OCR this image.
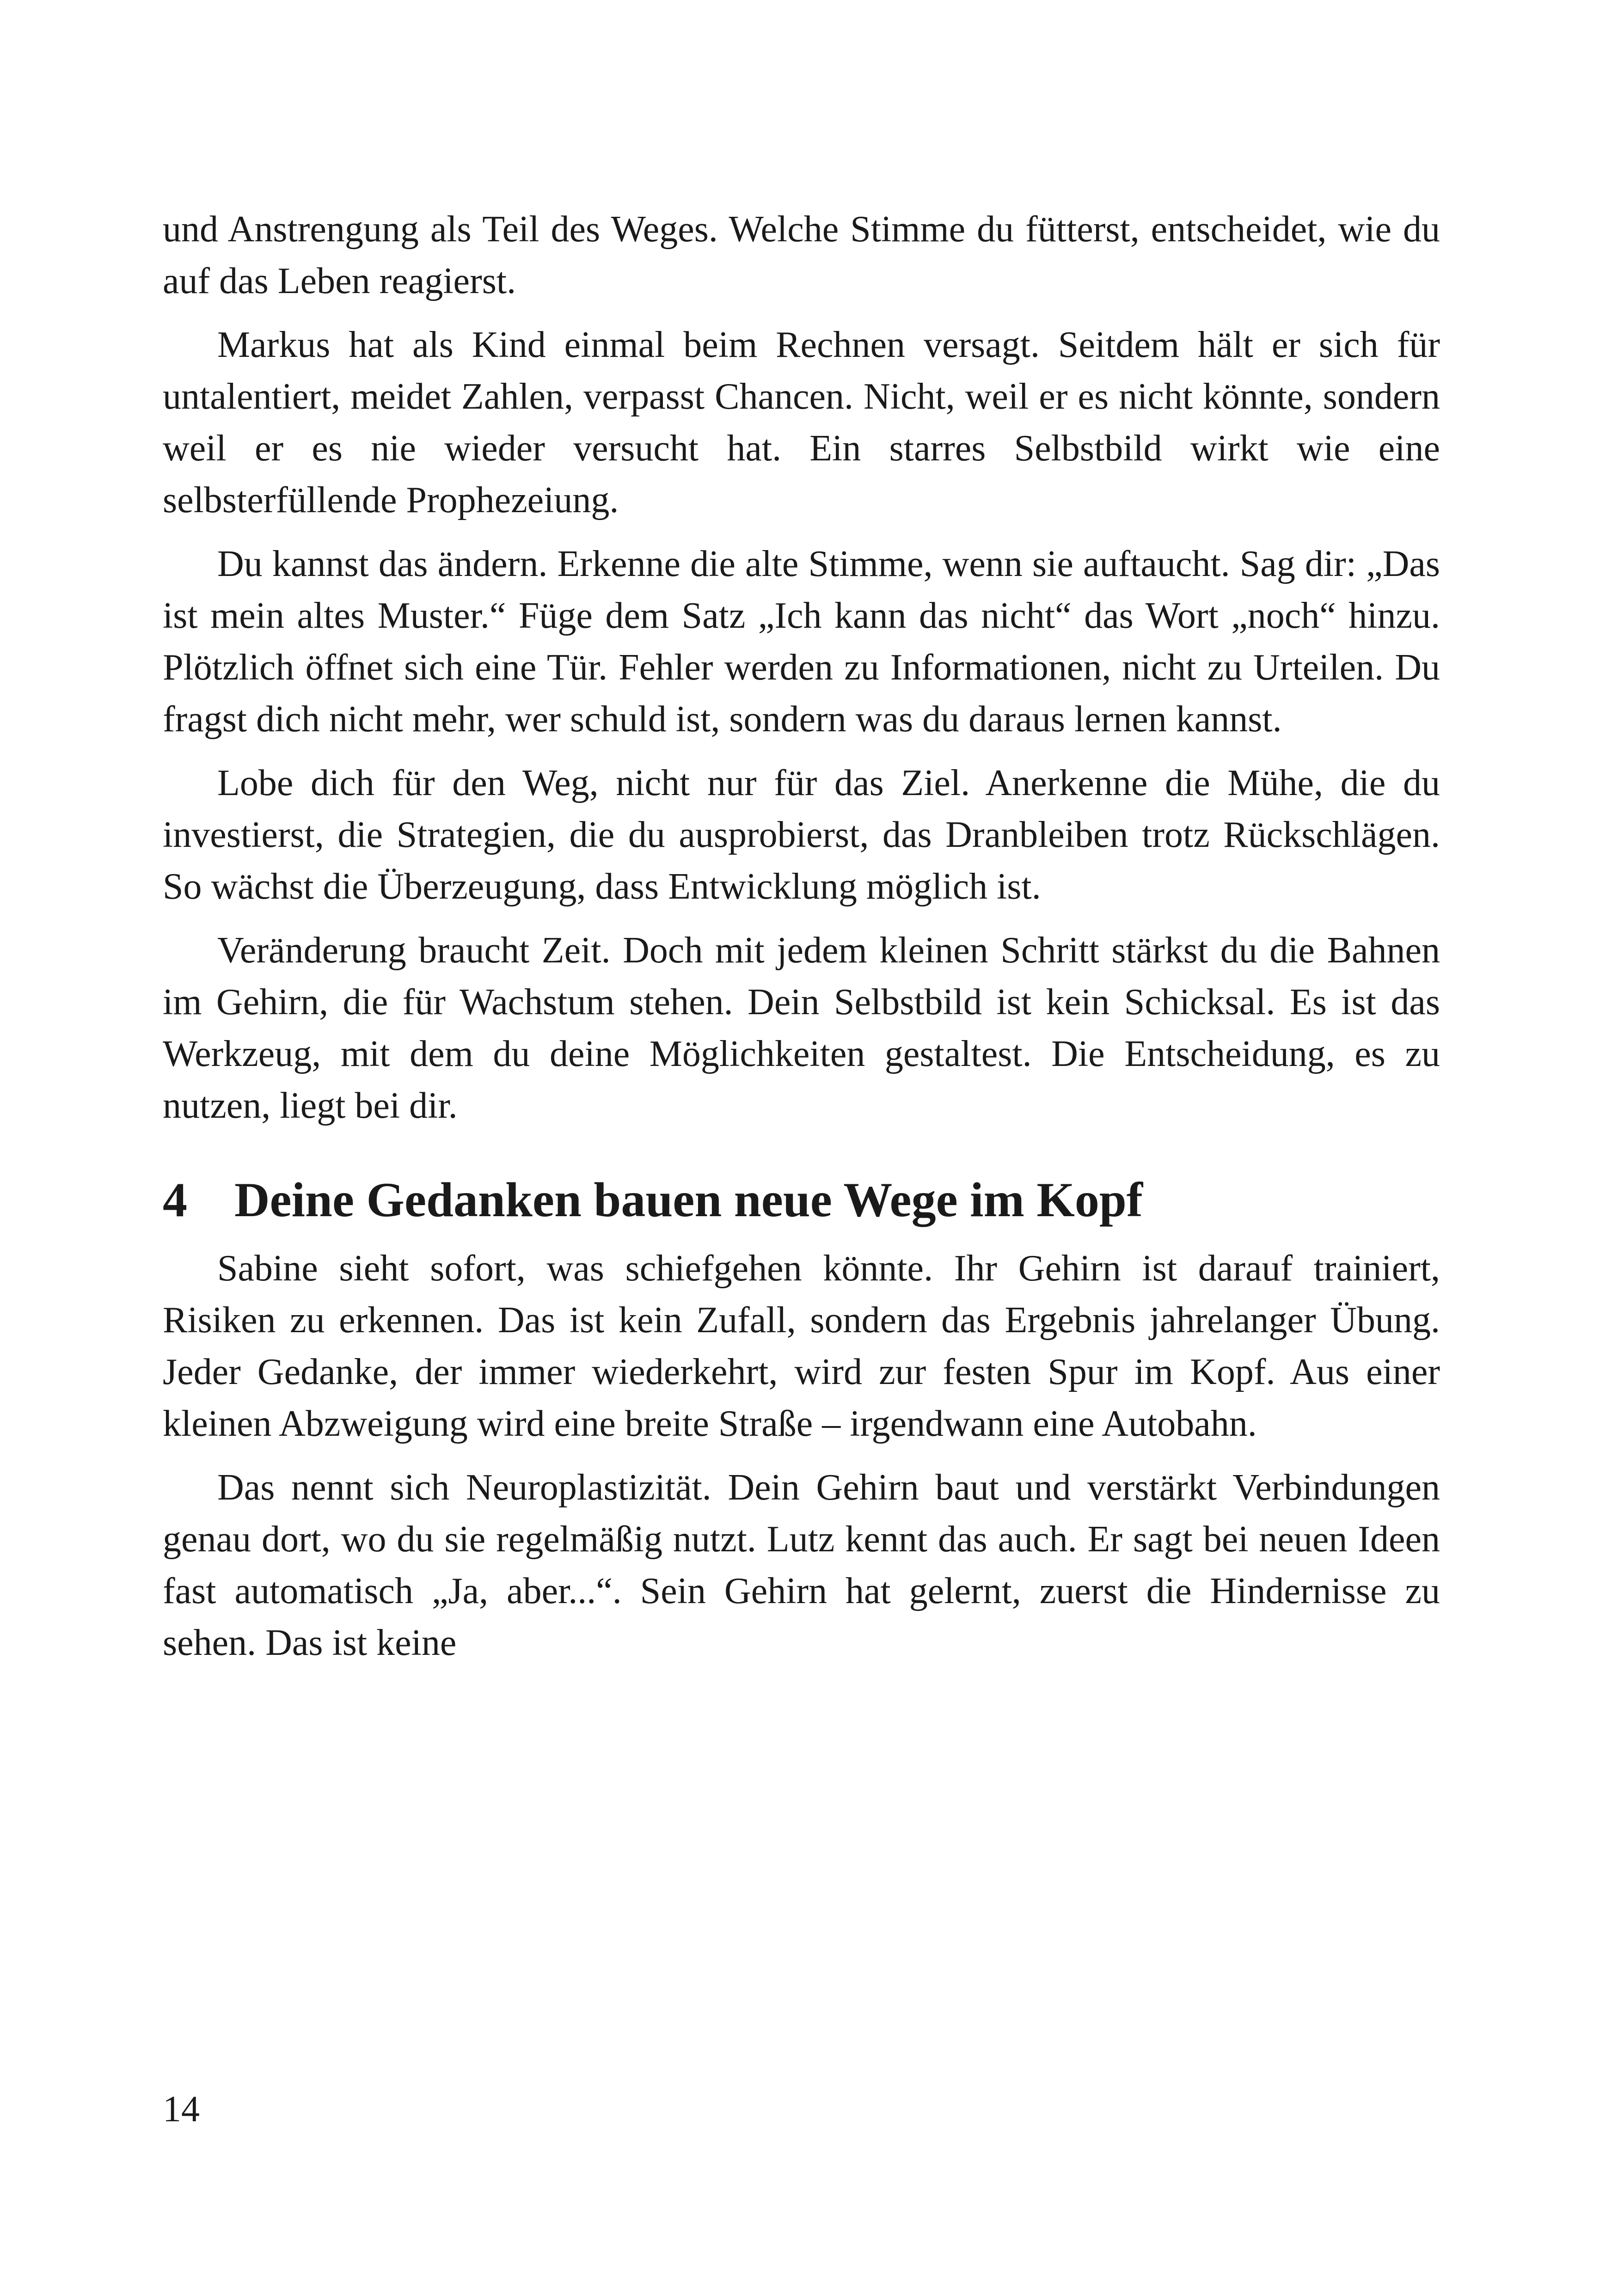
und Anstrengung als Teil des Weges. Welche Stimme du fütterst, entscheidet, wie du auf das Leben reagierst.

Markus hat als Kind einmal beim Rechnen versagt. Seitdem hält er sich für untalentiert, meidet Zahlen, verpasst Chancen. Nicht, weil er es nicht könnte, sondern weil er es nie wieder versucht hat. Ein starres Selbstbild wirkt wie eine selbsterfüllende Prophezeiung.

Du kannst das ändern. Erkenne die alte Stimme, wenn sie auftaucht. Sag dir: „Das ist mein altes Muster.“ Füge dem Satz „Ich kann das nicht“ das Wort „noch“ hinzu. Plötzlich öffnet sich eine Tür. Fehler werden zu Informationen, nicht zu Urteilen. Du fragst dich nicht mehr, wer schuld ist, sondern was du daraus lernen kannst.

Lobe dich für den Weg, nicht nur für das Ziel. Anerkenne die Mühe, die du investierst, die Strategien, die du ausprobierst, das Dranbleiben trotz Rückschlägen. So wächst die Überzeugung, dass Entwicklung möglich ist.

Veränderung braucht Zeit. Doch mit jedem kleinen Schritt stärkst du die Bahnen im Gehirn, die für Wachstum stehen. Dein Selbstbild ist kein Schicksal. Es ist das Werkzeug, mit dem du deine Möglichkeiten gestaltest. Die Entscheidung, es zu nutzen, liegt bei dir.

4 Deine Gedanken bauen neue Wege im Kopf

Sabine sieht sofort, was schiefgehen könnte. Ihr Gehirn ist darauf trainiert, Risiken zu erkennen. Das ist kein Zufall, sondern das Ergebnis jahrelanger Übung. Jeder Gedanke, der immer wiederkehrt, wird zur festen Spur im Kopf. Aus einer kleinen Abzweigung wird eine breite Straße – irgendwann eine Autobahn.

Das nennt sich Neuroplastizität. Dein Gehirn baut und verstärkt Verbindungen genau dort, wo du sie regelmäßig nutzt. Lutz kennt das auch. Er sagt bei neuen Ideen fast automatisch „Ja, aber...“. Sein Gehirn hat gelernt, zuerst die Hindernisse zu sehen. Das ist keine

14
